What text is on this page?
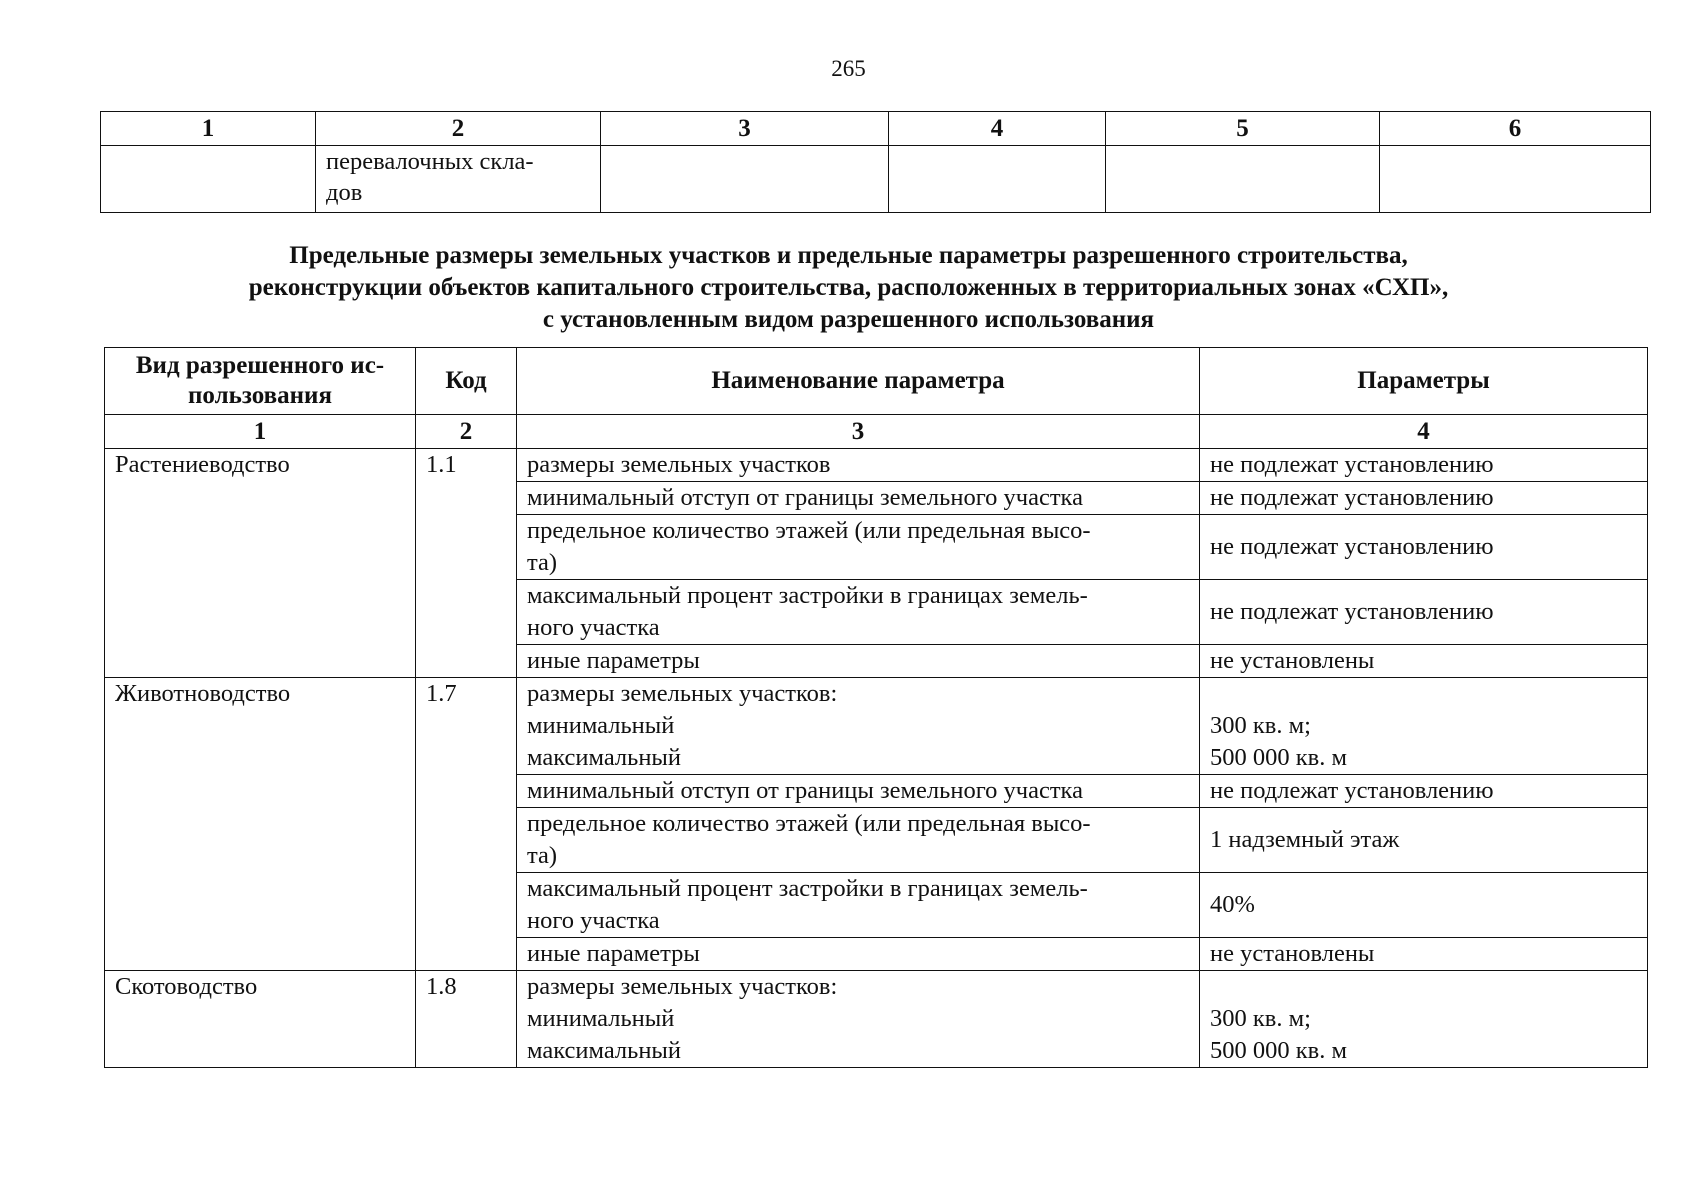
265
1	2	3	4	5	6

	перевалочных скла-
дов				

Предельные размеры земельных участков и предельные параметры разрешенного строительства,
реконструкции объектов капитального строительства, расположенных в территориальных зонах «СХП»,
с установленным видом разрешенного использования
Вид разрешенного ис-
пользования	Код	Наименование параметра	Параметры
1	2	3	4
Растениеводство	1.1	размеры земельных участков	не подлежат установлению
		минимальный отступ от границы земельного участка	не подлежат установлению

		предельное количество этажей (или предельная высо-
та)	не подлежат установлению

		максимальный процент застройки в границах земель-
ного участка	не подлежат установлению
		иные параметры	не установлены
Животноводство	1.7	размеры земельных участков:
минимальный
максимальный	300 кв. м;
500 000 кв. м

		минимальный отступ от границы земельного участка	не подлежат установлению

		предельное количество этажей (или предельная высо-
та)	1 надземный этаж

		максимальный процент застройки в границах земель-
ного участка	40%
		иные параметры	не установлены
Скотоводство	1.8	размеры земельных участков:
минимальный
максимальный	300 кв. м;
500 000 кв. м
